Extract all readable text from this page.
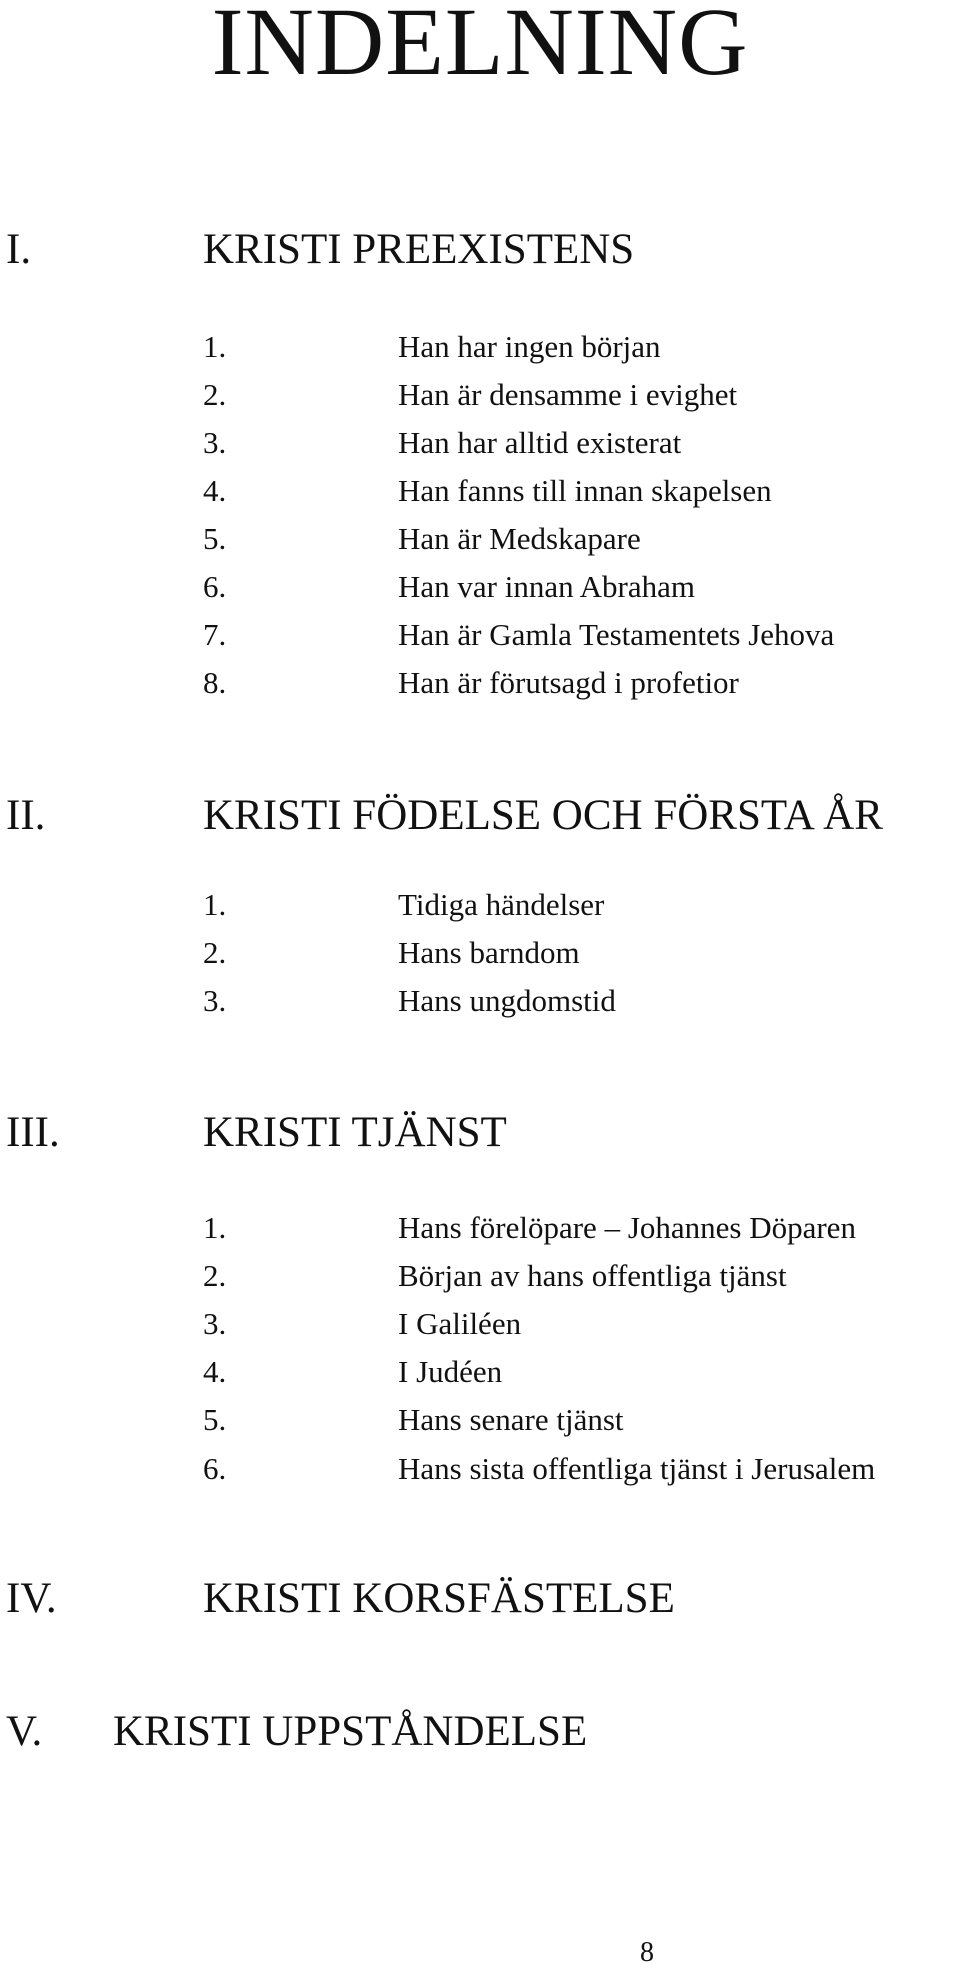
INDELNING
I.	KRISTI PREEXISTENS
1.	Han har ingen början
2.	Han är densamme i evighet
3.	Han har alltid existerat
4.	Han fanns till innan skapelsen
5.	Han är Medskapare
6.	Han var innan Abraham
7.	Han är Gamla Testamentets Jehova
8.	Han är förutsagd i profetior
II.	KRISTI FÖDELSE OCH FÖRSTA ÅR
1.	Tidiga händelser
2.	Hans barndom
3.	Hans ungdomstid
III.	KRISTI TJÄNST
1.	Hans förelöpare – Johannes Döparen
2.	Början av hans offentliga tjänst
3.	I Galiléen
4.	I Judéen
5.	Hans senare tjänst
6.	Hans sista offentliga tjänst i Jerusalem
IV.	KRISTI KORSFÄSTELSE
V. KRISTI UPPSTÅNDELSE
8
